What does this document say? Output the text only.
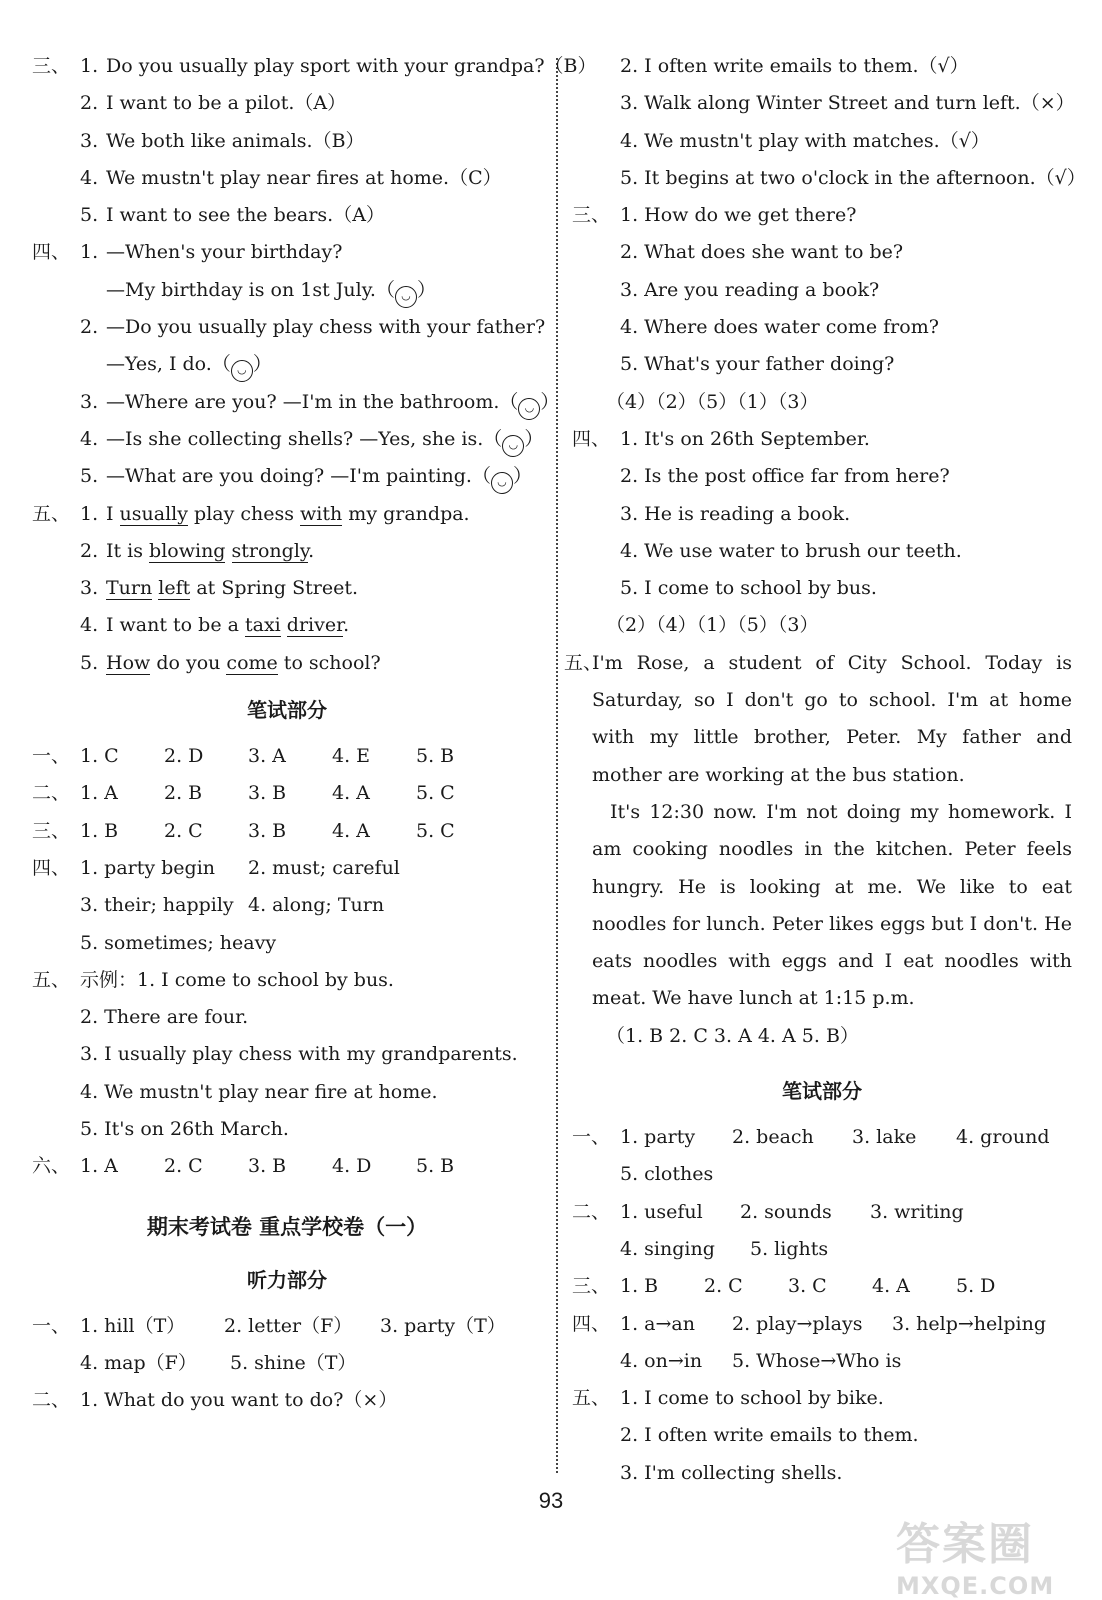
三、 1. Do you usually play sport with your grandpa?（B）
2. I want to be a pilot.（A）
3. We both like animals.（B）
4. We mustn't play near fires at home.（C）
5. I want to see the bears.（A）
四、 1. —When's your birthday?
—My birthday is on 1st July.（ ◡ ）
2. —Do you usually play chess with your father?
—Yes, I do.（ ◡ ）
3. —Where are you? —I'm in the bathroom.（ ◡ ）
4. —Is she collecting shells? —Yes, she is.（ ◡ ）
5. —What are you doing? —I'm painting.（ ◡ ）
五、 1. I usually play chess with my grandpa.
2. It is blowing strongly.
3. Turn left at Spring Street.
4. I want to be a taxi driver.
5. How do you come to school?
笔试部分
一、 1. C 2. D 3. A 4. E 5. B
二、 1. A 2. B 3. B 4. A 5. C
三、 1. B 2. C 3. B 4. A 5. C
四、 1. party begin 2. must; careful
3. their; happily 4. along; Turn
5. sometimes; heavy
五、 示例：1. I come to school by bus.
2. There are four.
3. I usually play chess with my grandparents.
4. We mustn't play near fire at home.
5. It's on 26th March.
六、 1. A 2. C 3. B 4. D 5. B
期末考试卷 重点学校卷（一）
听力部分
一、 1. hill（T） 2. letter（F） 3. party（T）
4. map（F） 5. shine（T）
二、 1. What do you want to do?（×）
2. I often write emails to them.（√）
3. Walk along Winter Street and turn left.（×）
4. We mustn't play with matches.（√）
5. It begins at two o'clock in the afternoon.（√）
三、 1. How do we get there?
2. What does she want to be?
3. Are you reading a book?
4. Where does water come from?
5. What's your father doing?
（4）（2）（5）（1）（3）
四、 1. It's on 26th September.
2. Is the post office far from here?
3. He is reading a book.
4. We use water to brush our teeth.
5. I come to school by bus.
（2）（4）（1）（5）（3）
五、
I'm Rose, a student of City School. Today is Saturday, so I don't go to school. I'm at home with my little brother, Peter. My father and mother are working at the bus station.
It's 12:30 now. I'm not doing my homework. I am cooking noodles in the kitchen. Peter feels hungry. He is looking at me. We like to eat noodles for lunch. Peter likes eggs but I don't. He eats noodles with eggs and I eat noodles with meat. We have lunch at 1:15 p.m.
（1. B 2. C 3. A 4. A 5. B）
笔试部分
一、 1. party 2. beach 3. lake 4. ground
5. clothes
二、 1. useful 2. sounds 3. writing
4. singing 5. lights
三、 1. B 2. C 3. C 4. A 5. D
四、 1. a→an 2. play→plays 3. help→helping
4. on→in 5. Whose→Who is
五、 1. I come to school by bike.
2. I often write emails to them.
3. I'm collecting shells.
93
答案圈
MXQE.COM
